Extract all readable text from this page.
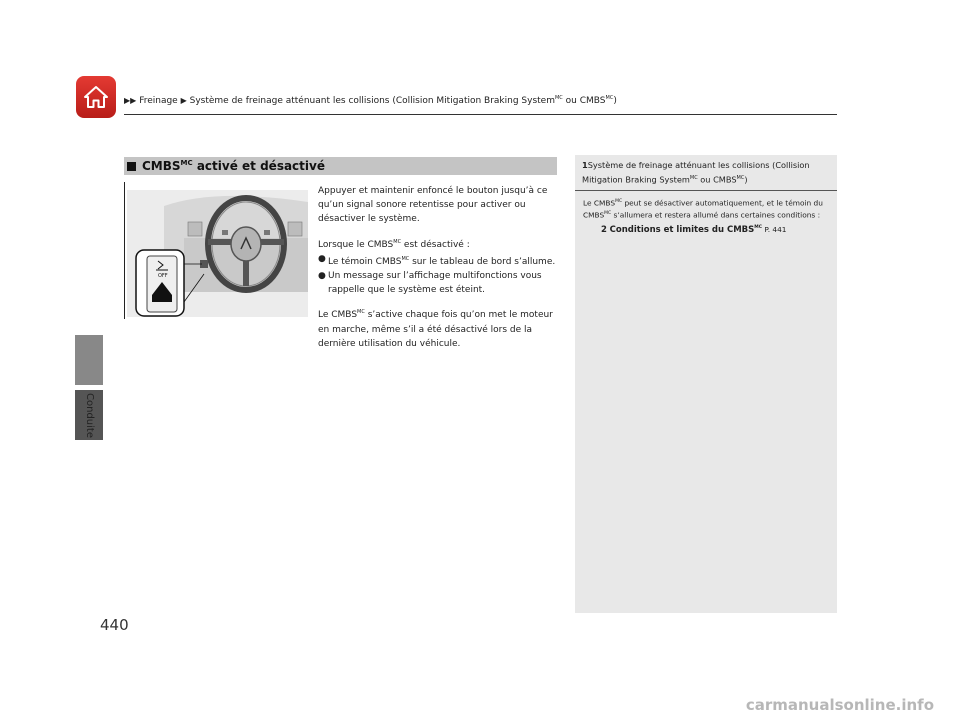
▶▶ Freinage ▶ Système de freinage atténuant les collisions (Collision Mitigation Braking System$^{MC}$ ou $CMBS^{MC}$)
Conduite
$CMBS^{MC}$ activé et désactivé
OFF

Appuyer et maintenir enfoncé le bouton jusqu’à ce qu’un signal sonore retentisse pour activer ou désactiver le système.

Lorsque le $CMBS^{MC}$ est désactivé :
● Le témoin $CMBS^{MC}$ sur le tableau de bord s’allume.
● Un message sur l’affichage multifonctions vous rappelle que le système est éteint.

Le $CMBS^{MC}$ s’active chaque fois qu’on met le moteur en marche, même s’il a été désactivé lors de la dernière utilisation du véhicule.

1Système de freinage atténuant les collisions (Collision Mitigation Braking System$^{MC}$ ou $CMBS^{MC}$)
Le $CMBS^{MC}$ peut se désactiver automatiquement, et le témoin du $CMBS^{MC}$ s’allumera et restera allumé dans certaines conditions :
2 Conditions et limites du $CMBS^{MC}$ P. 441
440
carmanualsonline.info
